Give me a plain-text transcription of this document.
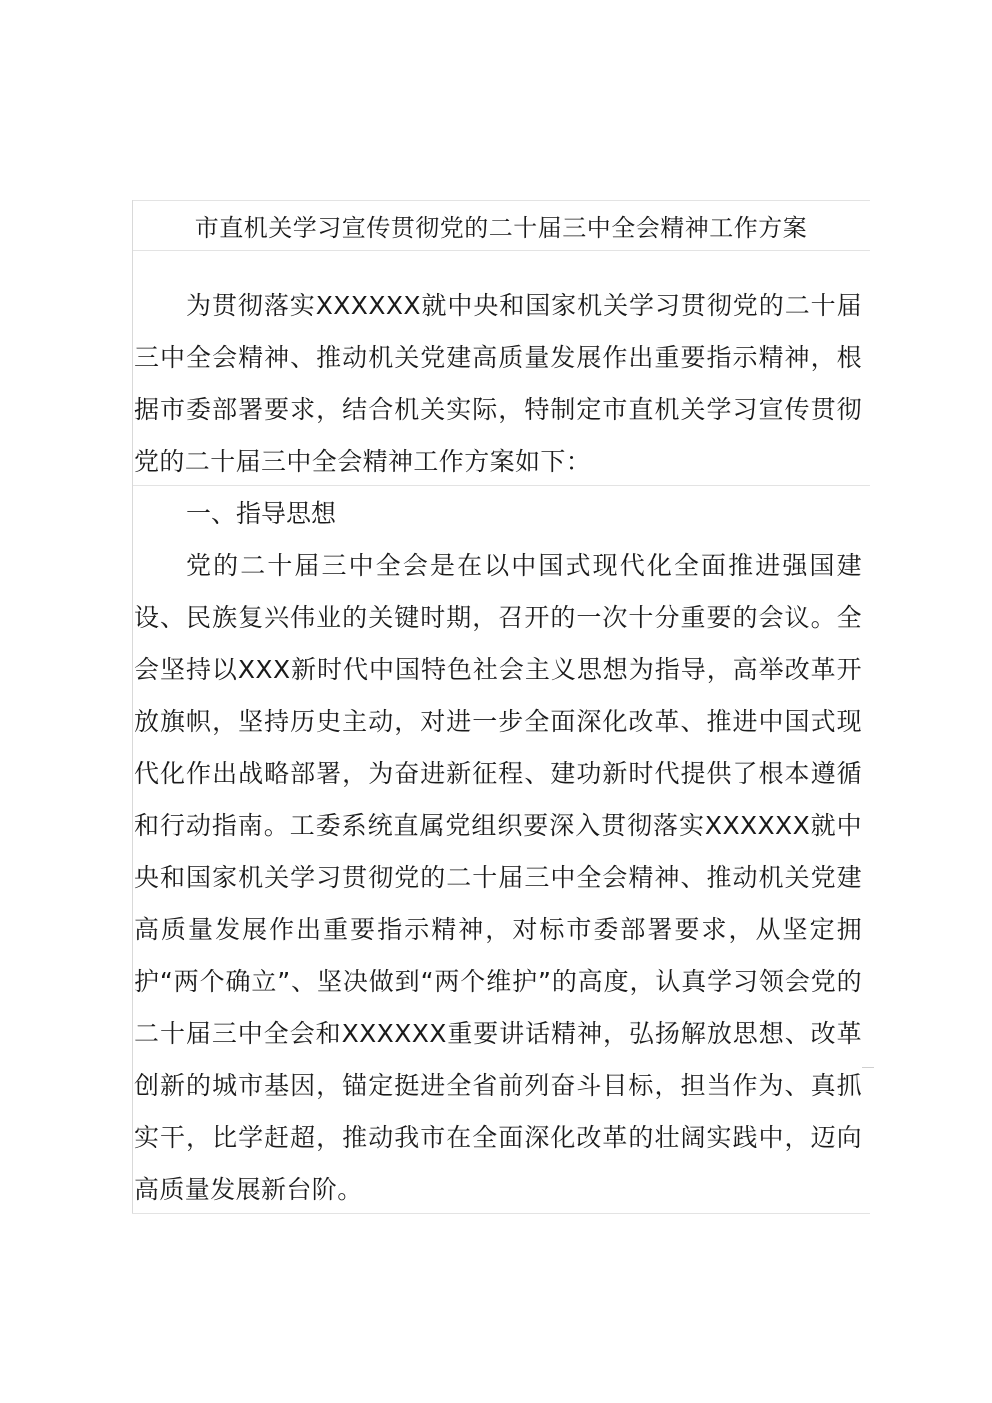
市直机关学习宣传贯彻党的二十届三中全会精神工作方案

为贯彻落实XXXXXX就中央和国家机关学习贯彻党的二十届三中全会精神、推动机关党建高质量发展作出重要指示精神，根据市委部署要求，结合机关实际，特制定市直机关学习宣传贯彻党的二十届三中全会精神工作方案如下：

一、指导思想

党的二十届三中全会是在以中国式现代化全面推进强国建设、民族复兴伟业的关键时期，召开的一次十分重要的会议。全会坚持以XXX新时代中国特色社会主义思想为指导，高举改革开放旗帜，坚持历史主动，对进一步全面深化改革、推进中国式现代化作出战略部署，为奋进新征程、建功新时代提供了根本遵循和行动指南。工委系统直属党组织要深入贯彻落实XXXXXX就中央和国家机关学习贯彻党的二十届三中全会精神、推动机关党建高质量发展作出重要指示精神，对标市委部署要求，从坚定拥护“两个确立”、坚决做到“两个维护”的高度，认真学习领会党的二十届三中全会和XXXXXX重要讲话精神，弘扬解放思想、改革创新的城市基因，锚定挺进全省前列奋斗目标，担当作为、真抓实干，比学赶超，推动我市在全面深化改革的壮阔实践中，迈向高质量发展新台阶。
